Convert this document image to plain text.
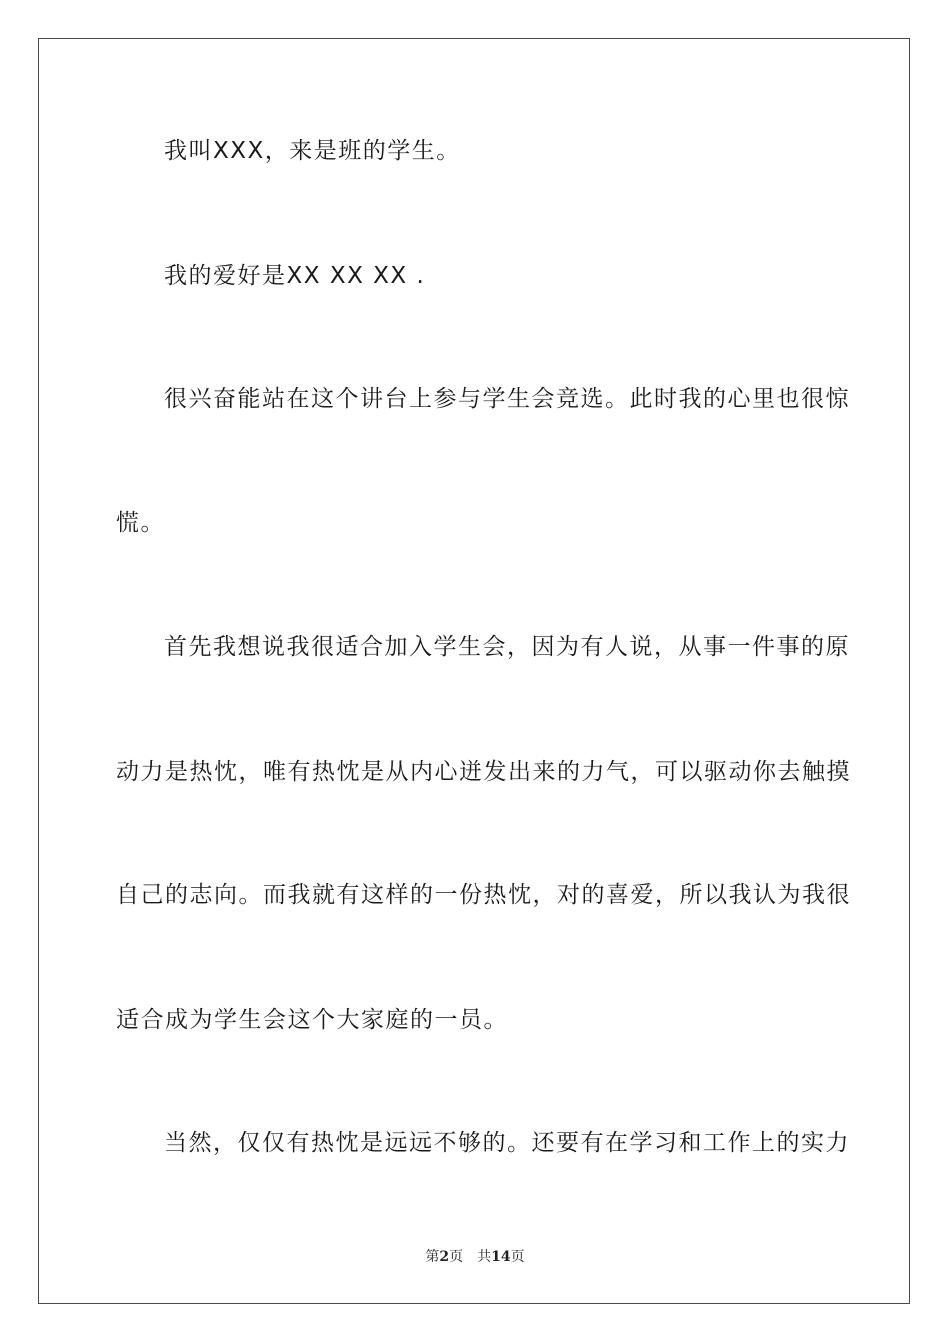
我叫XXX，来是班的学生。
我的爱好是XX XX XX .
很兴奋能站在这个讲台上参与学生会竞选。此时我的心里也很惊
慌。
首先我想说我很适合加入学生会，因为有人说，从事一件事的原
动力是热忱，唯有热忱是从内心迸发出来的力气，可以驱动你去触摸
自己的志向。而我就有这样的一份热忱，对的喜爱，所以我认为我很
适合成为学生会这个大家庭的一员。
当然，仅仅有热忱是远远不够的。还要有在学习和工作上的实力
第2页 共14页
